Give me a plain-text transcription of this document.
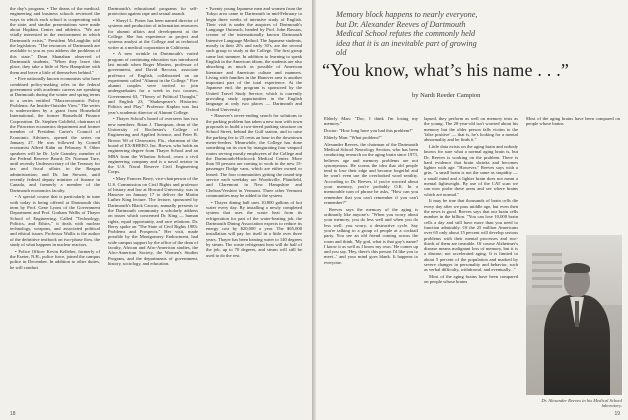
the day's program. • The deans of the medical, engineering and business schools reviewed the ways in which each school is cooperating with the state, and similar presentations were made about Hopkins Center and athletics. "We are vitally interested in the environment in which Dartmouth exists," President McLaughlin told the legislators. "The resources of Dartmouth are available to you as you address the problems of this state." Dean Shanahan observed of Dartmouth students, "When they leave this place, they take a little of New Hampshire with them and leave a little of themselves behind."

• Five nationally known economists who have combined policy-making roles in the federal government with academic careers are speaking at Dartmouth during the winter and spring terms in a series entitled "Macroeconomic Policy Problems: An Insider-Outsider View." The series is underwritten by a grant from Household International, the former Household Finance Corporation. Dr. Stephen Goldfeld, chairman of the Princeton economics department and former member of President Carter's Council of Economic Advisers, opened the series on January 27. He was followed by Cornell economist Alfred Kahn on February 9. Other speakers will be Dr. Lyle Gramley, member of the Federal Reserve Board; Dr. Norman Ture, until recently Undersecretary of the Treasury for tax and fiscal affairs in the Reagan administration; and Dr. Ian Stewart, until recently federal deputy minister of finance in Canada, and formerly a member of the Dartmouth economics faculty.

• A special course that is particularly in tune with today is being offered at Dartmouth this term by Prof. Gene Lyons of the Government Department and Prof. Graham Wallis of Thayer School of Engineering. Called "Technology, Politics, and Ethics," it deals with nuclear technology, weapons, and associated political and ethical issues. Professor Wallis is the author of the definitive textbook on two-phase flow, the study of what happens in nuclear reactors.

• Police Officer Kevin Kelleher, formerly of the Exeter, N.H., police force, joined the campus police in December. In addition to other duties, he will conduct

Dartmouth's educational programs for self-protection against rape and sexual assault.

• Sheryl L. Porter has been named director of systems and production of information resources for alumni affairs and development at the College. She has experience as project and systems analyst at the College and as technical writer at a medical corporation in California.

• A new wrinkle in Dartmouth's varied program of continuing education was introduced last month when Roger Masters, professor of government, and David Baccara, associate professor of English, collaborated on an experiment called "Alumni in the College." Five alumni couples were invited to join undergraduates for a week in two courses, Government 63, "Theory of Political Thought," and English 23, "Shakespeare's Histories: Politics and Play." Professor Kaplan was last year's academic director of Alumni College.

• Thayer School's board of overseers has two new members: Brian J. Thompson, dean of the University of Rochester's College of Engineering and Applied Science, and Peter B. Brown '69 of Clearwater, Fla., chairman of the board of EX-RHEEO, Inc. Brown, who holds an engineering degree from Thayer School and an MBA from the Wharton School, owns a civil engineering company and is a naval aviator in the U.S. Naval Reserve Civil Engineering Corps.

• Mary Frances Berry, vice-chairperson of the U.S. Commission on Civil Rights and professor of history and law at Howard University, was in Hanover on January 17 to deliver the Martin Luther King lecture. The lecture, sponsored by Dartmouth's Black Caucus, annually presents to the Dartmouth community a scholarly address on issues which concerned Dr. King — human rights, equal opportunity, and race relations. Dr. Berry spoke on "The State of Civil Rights 1983: Problems and Prospects." Her visit, made possible by the Montgomery Endowment, had wide campus support by the office of the dean of faculty, African and Afro-American studies, the Afro-American Society, the Women's Studies Program, and the departments of government, history, sociology, and education.

• Twenty young Japanese men and women from the Tokyo area came to Dartmouth in mid-February to begin three weeks of intensive study of English. Their visit is under the auspices of Dartmouth's Language Outreach, headed by Prof. John Rassias, creator of the internationally known Dartmouth Intensive Language Method. The Japanese students, mostly in their 20's and early 30's, are the second such group to study at the College. The first group came last summer. In addition to learning to speak English in the American idiom, the students are also absorbing as much as possible of American literature and American culture and manners. Living with families in the Hanover area is another important part of the total experience. At the Japanese end, the program is sponsored by the United Travel Study Service, which is currently providing study opportunities in the English language at only two places — Dartmouth and Oxford University.

• Hanover's never-ending search for solutions to the parking problem has taken a new turn with town proposals to build a two-tiered parking structure on School Street, behind the Gulf station, and to raise the parking fee to 25 cents an hour in the downtown meter-feeders. Meanwhile, the College has done something on its own by inaugurating four vanpool routes serving mostly employees of the College and the Dartmouth-Hitchcock Medical Center. More than 50 persons are coming to work in the new 15-passenger Dodge vans, which are either owned or leased. The four communities getting the round-trip service each weekday are Woodsville, Plainfield, and Claremont in New Hampshire and Chelsea/Vershire in Vermont. Three other Vermont communities may be added to the system.

• Thayer dining hall uses 10,800 gallons of hot water every day. By installing a newly completed system that uses the waste heat from its refrigeration for part of the water-heating job, the Dartmouth Dining Association expects to reduce its energy cost by $20,000 a year. The $65,000 installation will pay for itself in a little over three years. Thayer has been heating water to 140 degrees by steam. The waste refrigerant heat will do half of the job, up to 70 degrees, and steam will still be used to do the rest.

18
Memory block happens to nearly everyone, but Dr. Alexander Reeves of Dartmouth Medical School refutes the commonly held idea that it is an inevitable part of growing old
“You know, what’s his name . . .”
by Nardi Reeder Campion

Elderly Man: "Doc, I think I'm losing my memory."

Doctor: "How long have you had this problem?"

Elderly Man: "What problem?"

Alexander Reeves, the chairman of the Dartmouth Medical School Neurology Section, who has been conducting research on the aging brain since 1973, believes age and memory problems are not synonymous. He scorns the idea that old people tend to lose their edge and become forgetful and he won't even use the overlooked word senility. According to Dr. Reeves, if you're worried about your memory, you're probably O.K. In a memorable turn of phrase he asks, "How can you remember that you can't remember if you can't remember?"

Reeves says the memory of the aging is ordinarily like anyone's: "When you worry about your memory, you do less well and when you do less well, you worry, a destructive cycle. Say you're talking to a group of people at a cocktail party. You see an old friend coming across the room and think, 'My god, what is that guy's name? I know it as well as I know my own.' He comes up and you say, 'Hey, there's this person I'd like you to meet...' and your mind goes blank. It happens to everyone.

lapsed, they perform as well on memory tests as the young. The 20-year-old isn't worried about his memory but the older person falls victim to the 'false positive' — that is, he's looking for a mental abnormality and he finds it."

Little data exists on the aging brain and nobody knows for sure what a normal aging brain is, but Dr. Reeves is working on the problem. There is hard evidence that brain shrinks and becomes lighter with age. "However," Reeves says with a grin, "a small brain is not the same as stupidity — a small mind and a lighter brain does not mean a mental lightweight. By use of the CAT scan we can now probe these areas and see where brains which are normal."

It may be true that thousands of brain cells die every day after we pass middle age, but even then the news is good. Reeves says that our brain cells number in the billion. "You can lose 10,000 brain cells a day and still have more than you need to function admirably. Of the 25 million Americans over 65 only about 15 percent will develop serious problems with their mental processes and two-thirds of them are treatable. Of course Alzheimer's disease means malignant loss of memory, but it is a disease, not accelerated aging. It is limited to about 5 percent of the population and marked by severe changes in personality and behavior, such as verbal difficulty, withdrawal, and eventually..."

Most of the aging brains have been compared on people whose brains

Most of the aging brains have been compared on people whose brains

Dr. Alexander Reeves in his Medical School laboratory.
19
